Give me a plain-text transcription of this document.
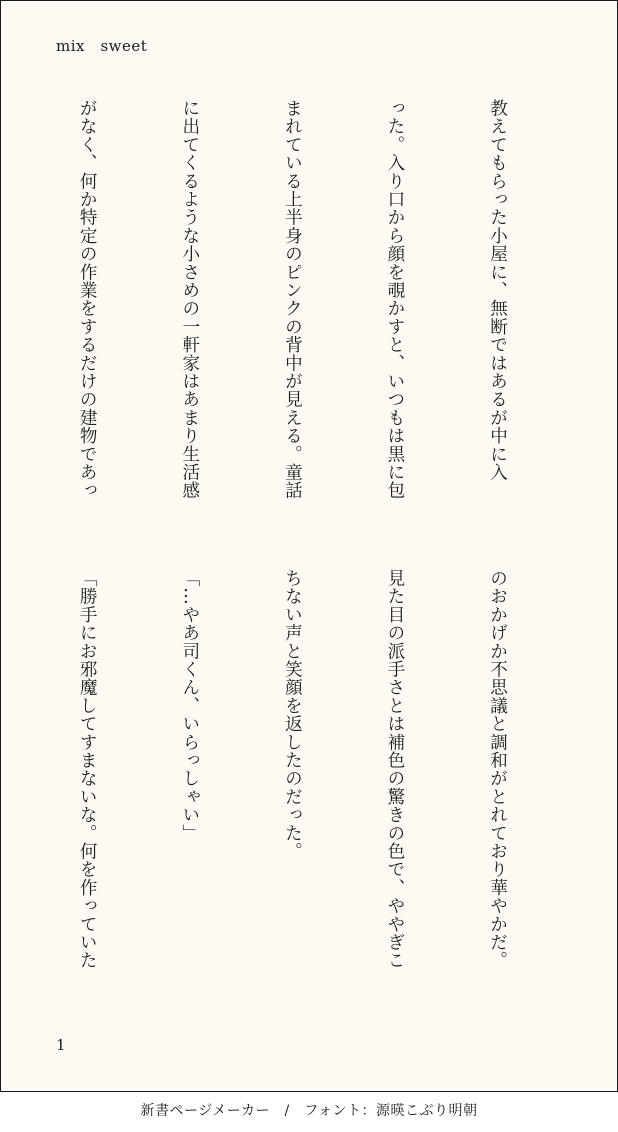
mix　sweet

教えてもらった小屋に、無断ではあるが中に入

った。入り口から顔を覗かすと、いつもは黒に包

まれている上半身のピンクの背中が見える。童話

に出てくるような小さめの一軒家はあまり生活感

がなく、何か特定の作業をするだけの建物であっ

のおかげか不思議と調和がとれており華やかだ。

見た目の派手さとは補色の驚きの色で、ややぎこ

ちない声と笑顔を返したのだった。

「…やあ司くん、いらっしゃい」

「勝手にお邪魔してすまないな。何を作っていた

1
新書ページメーカー　/　フォント：源暎こぶり明朝
